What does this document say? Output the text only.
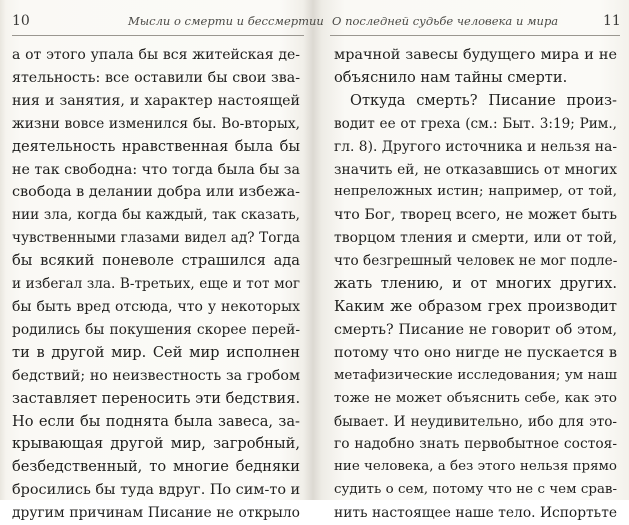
10	Мысли о смерти и бессмертии
а от этого упала бы вся житейская де-
ятельность: все оставили бы свои зва-
ния и занятия, и характер настоящей
жизни вовсе изменился бы. Во-вторых,
деятельность нравственная была бы
не так свободна: что тогда была бы за
свобода в делании добра или избежа-
нии зла, когда бы каждый, так сказать,
чувственными глазами видел ад? Тогда
бы всякий поневоле страшился ада
и избегал зла. В-третьих, еще и тот мог
бы быть вред отсюда, что у некоторых
родились бы покушения скорее перей-
ти в другой мир. Сей мир исполнен
бедствий; но неизвестность за гробом
заставляет переносить эти бедствия.
Но если бы поднята была завеса, за-
крывающая другой мир, загробный,
безбедственный, то многие бедняки
бросились бы туда вдруг. По сим-то и
другим причинам Писание не открыло
О последней судьбе человека и мира	11
мрачной завесы будущего мира и не
объяснило нам тайны смерти.
Откуда смерть? Писание произ-
водит ее от греха (см.: Быт. 3:19; Рим.,
гл. 8). Другого источника и нельзя на-
значить ей, не отказавшись от многих
непреложных истин; например, от той,
что Бог, творец всего, не может быть
творцом тления и смерти, или от той,
что безгрешный человек не мог подле-
жать тлению, и от многих других.
Каким же образом грех производит
смерть? Писание не говорит об этом,
потому что оно нигде не пускается в
метафизические исследования; ум наш
тоже не может объяснить себе, как это
бывает. И неудивительно, ибо для это-
го надобно знать первобытное состоя-
ние человека, а без этого нельзя прямо
судить о сем, потому что не с чем срав-
нить настоящее наше тело. Испортьте
